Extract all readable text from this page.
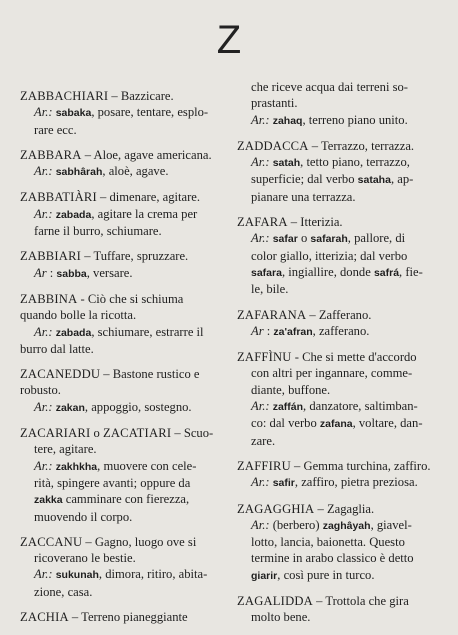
Z
ZABBACHIARI – Bazzicare.
Ar.: sabaka, posare, tentare, esplo-
rare ecc.
ZABBARA – Aloe, agave americana.
Ar.: sabhârah, aloè, agave.
ZABBATIÀRI – dimenare, agitare.
Ar.: zabada, agitare la crema per
farne il burro, schiumare.
ZABBIARI – Tuffare, spruzzare.
Ar : sabba, versare.
ZABBINA - Ciò che si schiuma
quando bolle la ricotta.
Ar.: zabada, schiumare, estrarre il
burro dal latte.
ZACANEDDU – Bastone rustico e
robusto.
Ar.: zakan, appoggio, sostegno.
ZACARIARI o ZACATIARI – Scuo-
tere, agitare.
Ar.: zakhkha, muovere con cele-
rità, spingere avanti; oppure da
zakka camminare con fierezza,
muovendo il corpo.
ZACCANU – Gagno, luogo ove si
ricoverano le bestie.
Ar.: sukunah, dimora, ritiro, abita-
zione, casa.
ZACHIA – Terreno pianeggiante
che riceve acqua dai terreni so-
prastanti.
Ar.: zahaq, terreno piano unito.
ZADDACCA – Terrazzo, terrazza.
Ar.: satah, tetto piano, terrazzo,
superficie; dal verbo sataha, ap-
pianare una terrazza.
ZAFARA – Itterizia.
Ar.: safar o safarah, pallore, di
color giallo, itterizia; dal verbo
safara, ingiallire, donde safrá, fie-
le, bile.
ZAFARANA – Zafferano.
Ar : za'afran, zafferano.
ZAFFÌNU - Che si mette d'accordo
con altri per ingannare, comme-
diante, buffone.
Ar.: zaffán, danzatore, saltimban-
co: dal verbo zafana, voltare, dan-
zare.
ZAFFIRU – Gemma turchina, zaffiro.
Ar.: safir, zaffiro, pietra preziosa.
ZAGAGGHIA – Zagaglia.
Ar.: (berbero) zaghâyah, giavel-
lotto, lancia, baionetta. Questo
termine in arabo classico è detto
giarir, così pure in turco.
ZAGALIDDA – Trottola che gira
molto bene.
